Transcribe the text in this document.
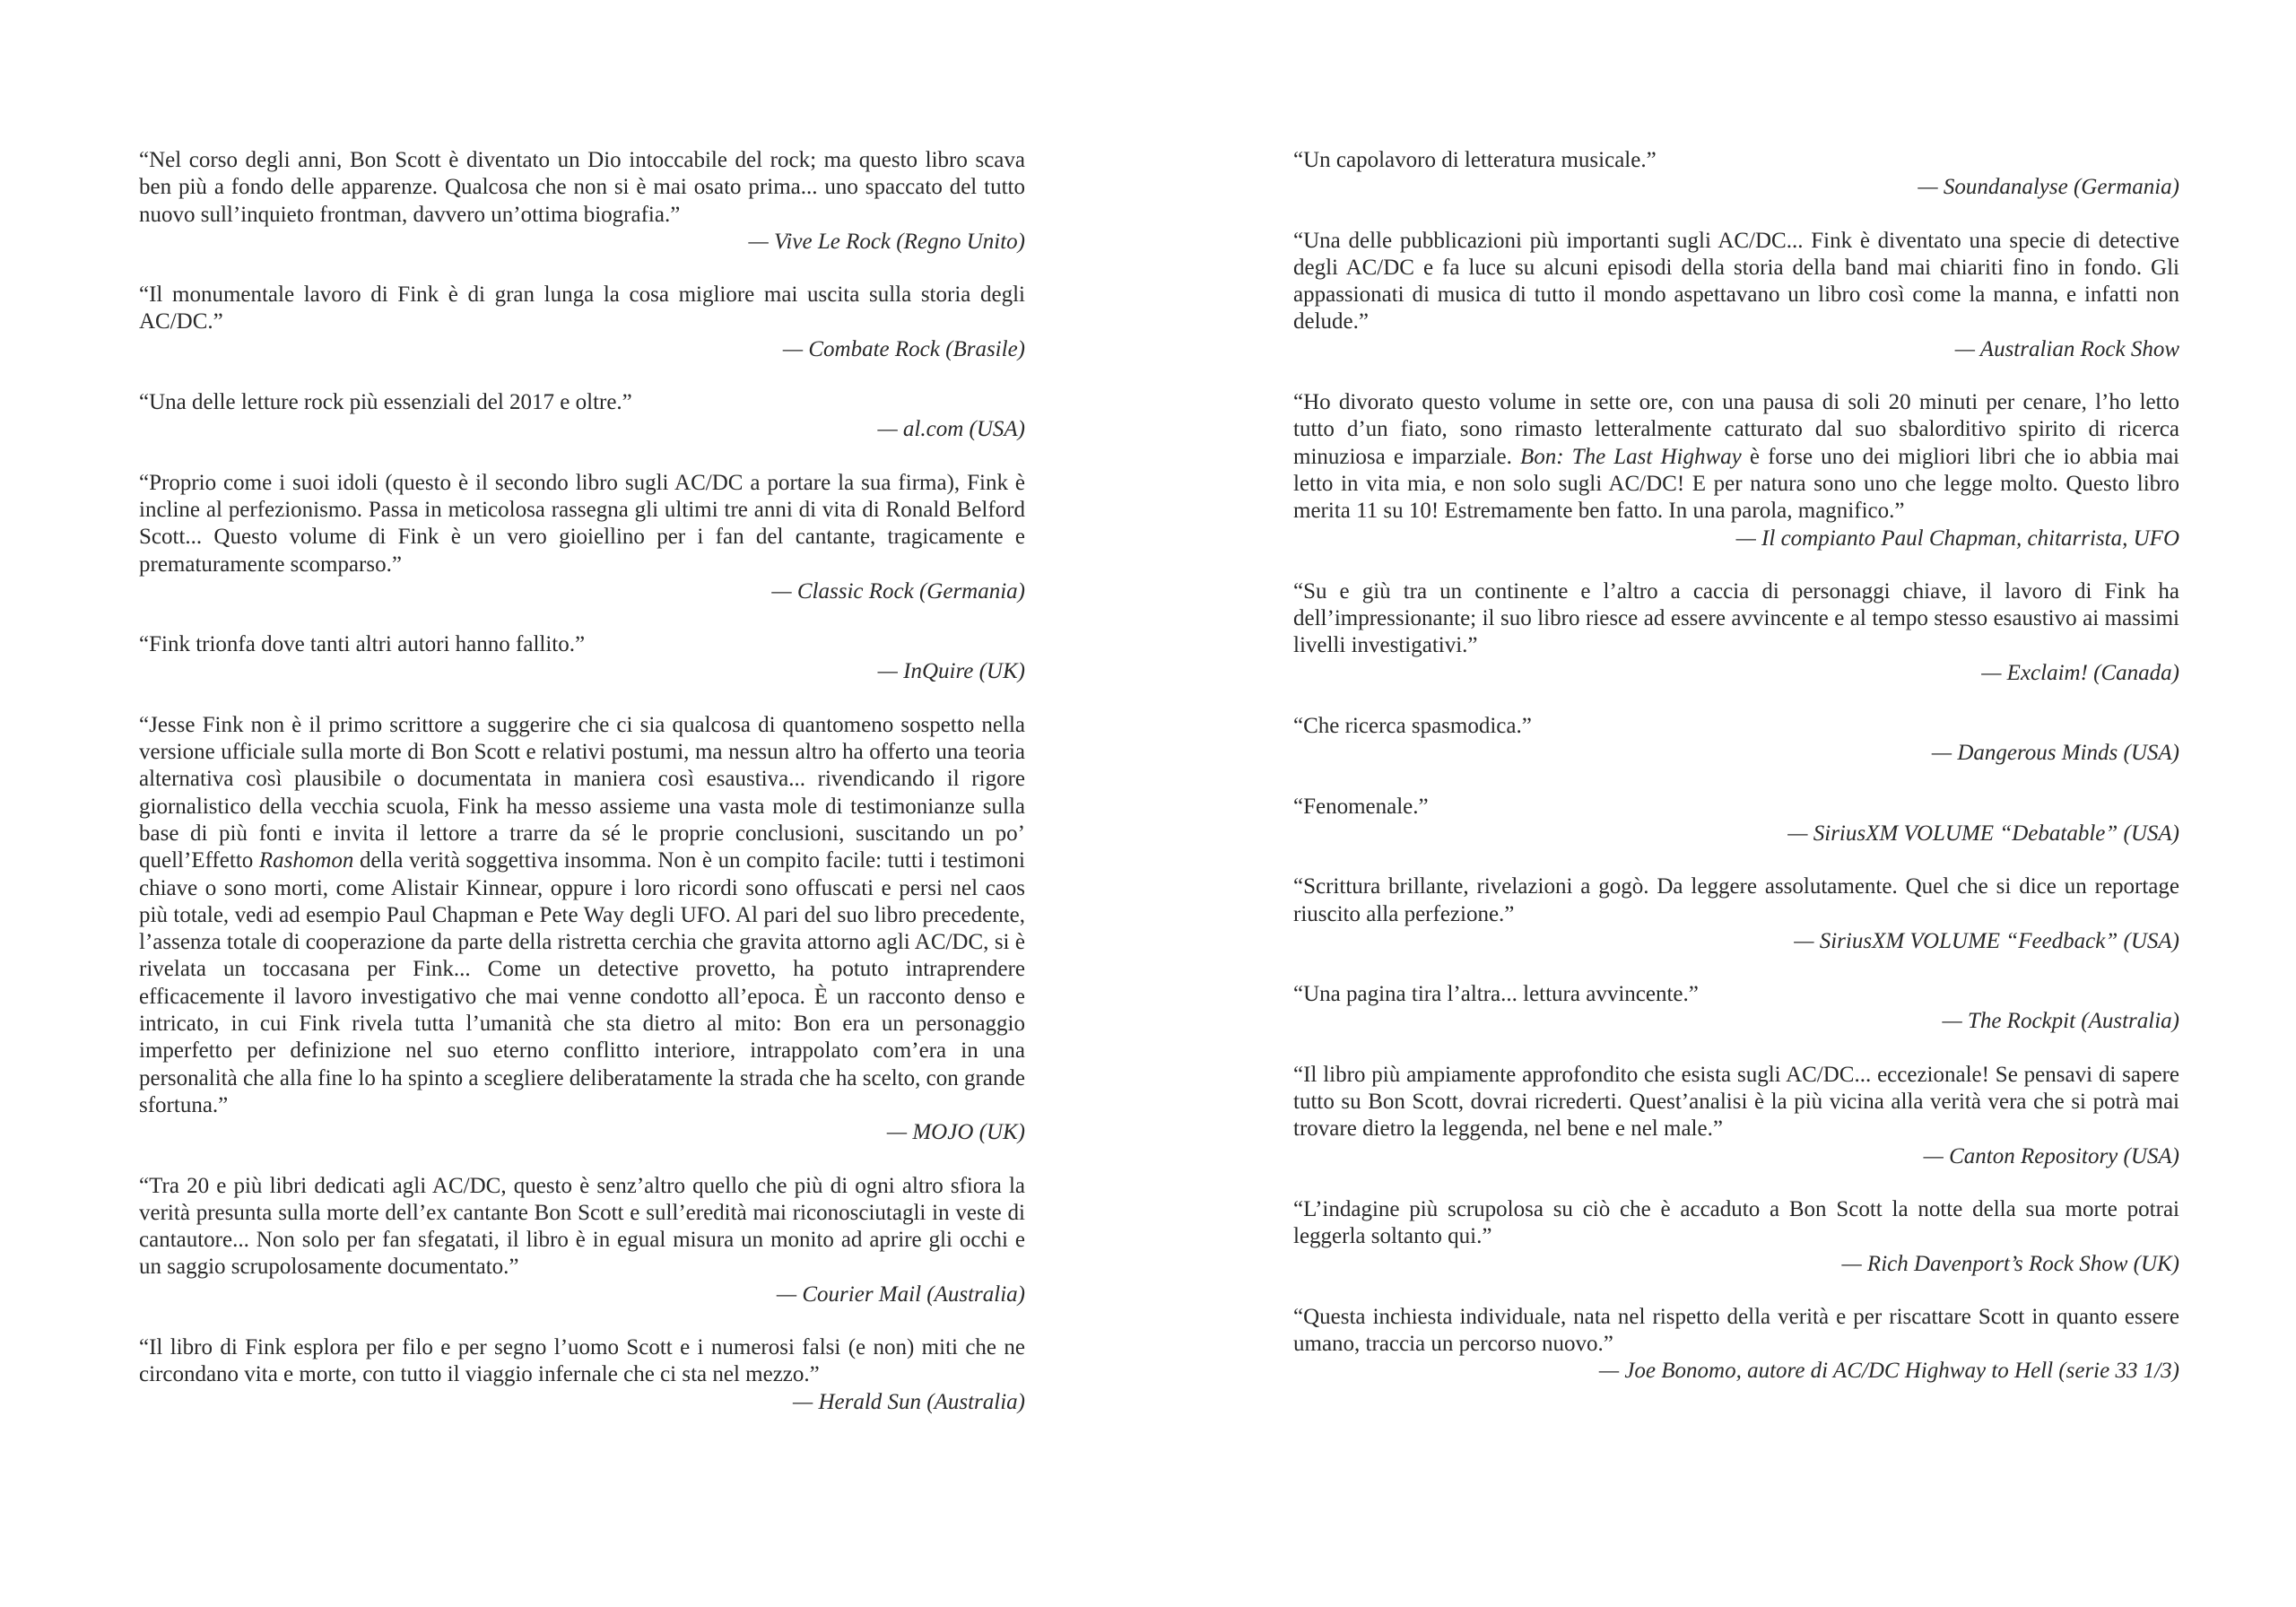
“Nel corso degli anni, Bon Scott è diventato un Dio intoccabile del rock; ma questo libro scava ben più a fondo delle apparenze. Qualcosa che non si è mai osato prima... uno spaccato del tutto nuovo sull’inquieto frontman, davvero un’ottima biografia.”

— Vive Le Rock (Regno Unito)

“Il monumentale lavoro di Fink è di gran lunga la cosa migliore mai uscita sulla storia degli AC/DC.”

— Combate Rock (Brasile)

“Una delle letture rock più essenziali del 2017 e oltre.”

— al.com (USA)

“Proprio come i suoi idoli (questo è il secondo libro sugli AC/DC a portare la sua firma), Fink è incline al perfezionismo. Passa in meticolosa rassegna gli ultimi tre anni di vita di Ronald Belford Scott... Questo volume di Fink è un vero gioiellino per i fan del cantante, tragicamente e prematuramente scomparso.”

— Classic Rock (Germania)

“Fink trionfa dove tanti altri autori hanno fallito.”

— InQuire (UK)

“Jesse Fink non è il primo scrittore a suggerire che ci sia qualcosa di quantomeno sospetto nella versione ufficiale sulla morte di Bon Scott e relativi postumi, ma nessun altro ha offerto una teoria alternativa così plausibile o documentata in maniera così esaustiva... rivendicando il rigore giornalistico della vecchia scuola, Fink ha messo assieme una vasta mole di testimonianze sulla base di più fonti e invita il lettore a trarre da sé le proprie conclusioni, suscitando un po’ quell’Effetto Rashomon della verità soggettiva insomma. Non è un compito facile: tutti i testimoni chiave o sono morti, come Alistair Kinnear, oppure i loro ricordi sono offuscati e persi nel caos più totale, vedi ad esempio Paul Chapman e Pete Way degli UFO. Al pari del suo libro precedente, l’assenza totale di cooperazione da parte della ristretta cerchia che gravita attorno agli AC/DC, si è rivelata un toccasana per Fink... Come un detective provetto, ha potuto intraprendere efficacemente il lavoro investigativo che mai venne condotto all’epoca. È un racconto denso e intricato, in cui Fink rivela tutta l’umanità che sta dietro al mito: Bon era un personaggio imperfetto per definizione nel suo eterno conflitto interiore, intrappolato com’era in una personalità che alla fine lo ha spinto a scegliere deliberatamente la strada che ha scelto, con grande sfortuna.”

— MOJO (UK)

“Tra 20 e più libri dedicati agli AC/DC, questo è senz’altro quello che più di ogni altro sfiora la verità presunta sulla morte dell’ex cantante Bon Scott e sull’eredità mai riconosciutagli in veste di cantautore... Non solo per fan sfegatati, il libro è in egual misura un monito ad aprire gli occhi e un saggio scrupolosamente documentato.”

— Courier Mail (Australia)

“Il libro di Fink esplora per filo e per segno l’uomo Scott e i numerosi falsi (e non) miti che ne circondano vita e morte, con tutto il viaggio infernale che ci sta nel mezzo.”

— Herald Sun (Australia)

“Un capolavoro di letteratura musicale.”

— Soundanalyse (Germania)

“Una delle pubblicazioni più importanti sugli AC/DC... Fink è diventato una specie di detective degli AC/DC e fa luce su alcuni episodi della storia della band mai chiariti fino in fondo. Gli appassionati di musica di tutto il mondo aspettavano un libro così come la manna, e infatti non delude.”

— Australian Rock Show

“Ho divorato questo volume in sette ore, con una pausa di soli 20 minuti per cenare, l’ho letto tutto d’un fiato, sono rimasto letteralmente catturato dal suo sbalorditivo spirito di ricerca minuziosa e imparziale. Bon: The Last Highway è forse uno dei migliori libri che io abbia mai letto in vita mia, e non solo sugli AC/DC! E per natura sono uno che legge molto. Questo libro merita 11 su 10! Estremamente ben fatto. In una parola, magnifico.”

— Il compianto Paul Chapman, chitarrista, UFO

“Su e giù tra un continente e l’altro a caccia di personaggi chiave, il lavoro di Fink ha dell’impressionante; il suo libro riesce ad essere avvincente e al tempo stesso esaustivo ai massimi livelli investigativi.”

— Exclaim! (Canada)

“Che ricerca spasmodica.”

— Dangerous Minds (USA)

“Fenomenale.”

— SiriusXM VOLUME “Debatable” (USA)

“Scrittura brillante, rivelazioni a gogò. Da leggere assolutamente. Quel che si dice un reportage riuscito alla perfezione.”

— SiriusXM VOLUME “Feedback” (USA)

“Una pagina tira l’altra... lettura avvincente.”

— The Rockpit (Australia)

“Il libro più ampiamente approfondito che esista sugli AC/DC... eccezionale! Se pensavi di sapere tutto su Bon Scott, dovrai ricrederti. Quest’analisi è la più vicina alla verità vera che si potrà mai trovare dietro la leggenda, nel bene e nel male.”

— Canton Repository (USA)

“L’indagine più scrupolosa su ciò che è accaduto a Bon Scott la notte della sua morte potrai leggerla soltanto qui.”

— Rich Davenport’s Rock Show (UK)

“Questa inchiesta individuale, nata nel rispetto della verità e per riscattare Scott in quanto essere umano, traccia un percorso nuovo.”

— Joe Bonomo, autore di AC/DC Highway to Hell (serie 33 1/3)
